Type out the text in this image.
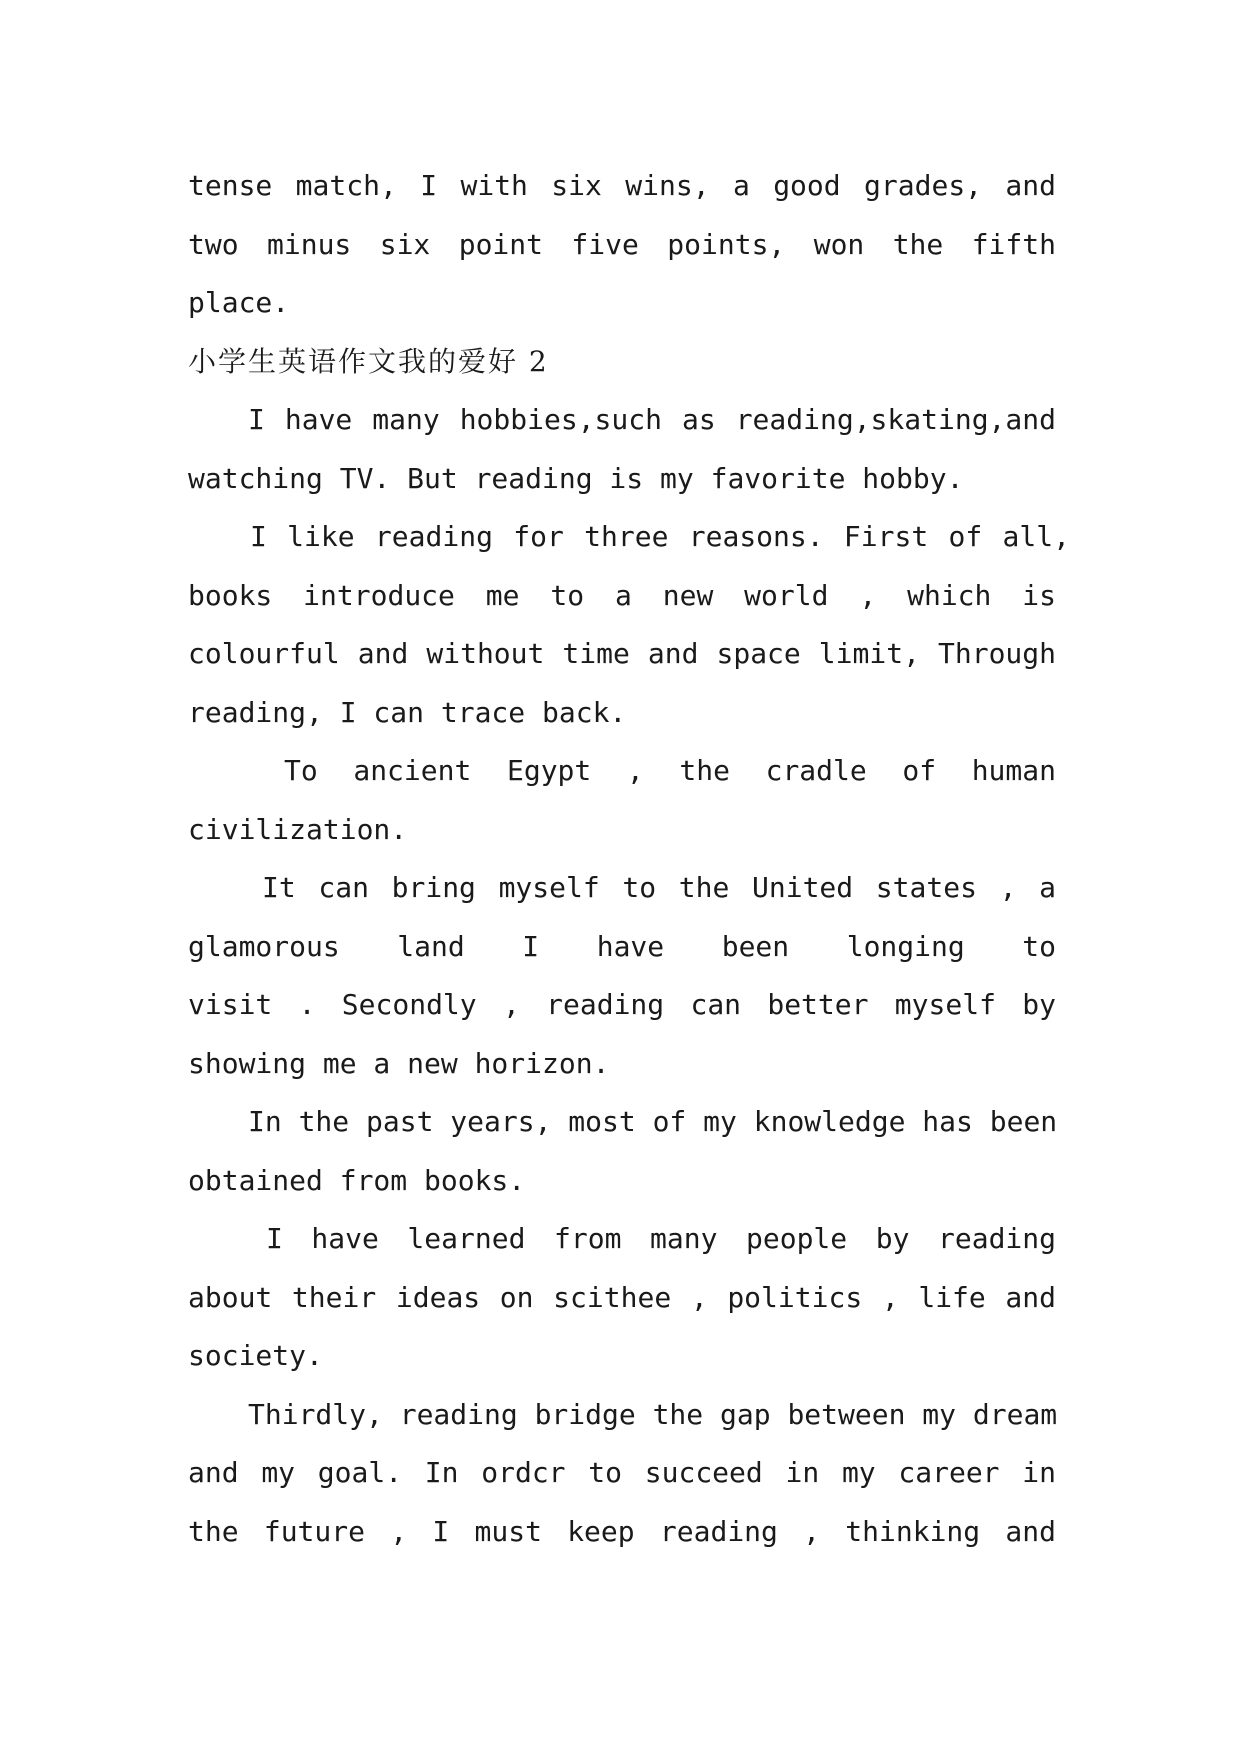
tense match, I with six wins, a good grades, and
two minus six point five points, won the fifth
place.
小学生英语作文我的爱好 2
I have many hobbies,such as reading,skating,and
watching TV. But reading is my favorite hobby.
I like reading for three reasons. First of all,
books introduce me to a new world , which is
colourful and without time and space limit, Through
reading, I can trace back.
To ancient Egypt , the cradle of human
civilization.
It can bring myself to the United states , a
glamorous land I have been longing to
visit . Secondly , reading can better myself by
showing me a new horizon.
In the past years, most of my knowledge has been
obtained from books.
I have learned from many people by reading
about their ideas on scithee , politics , life and
society.
Thirdly, reading bridge the gap between my dream
and my goal. In ordcr to succeed in my career in
the future , I must keep reading , thinking and
